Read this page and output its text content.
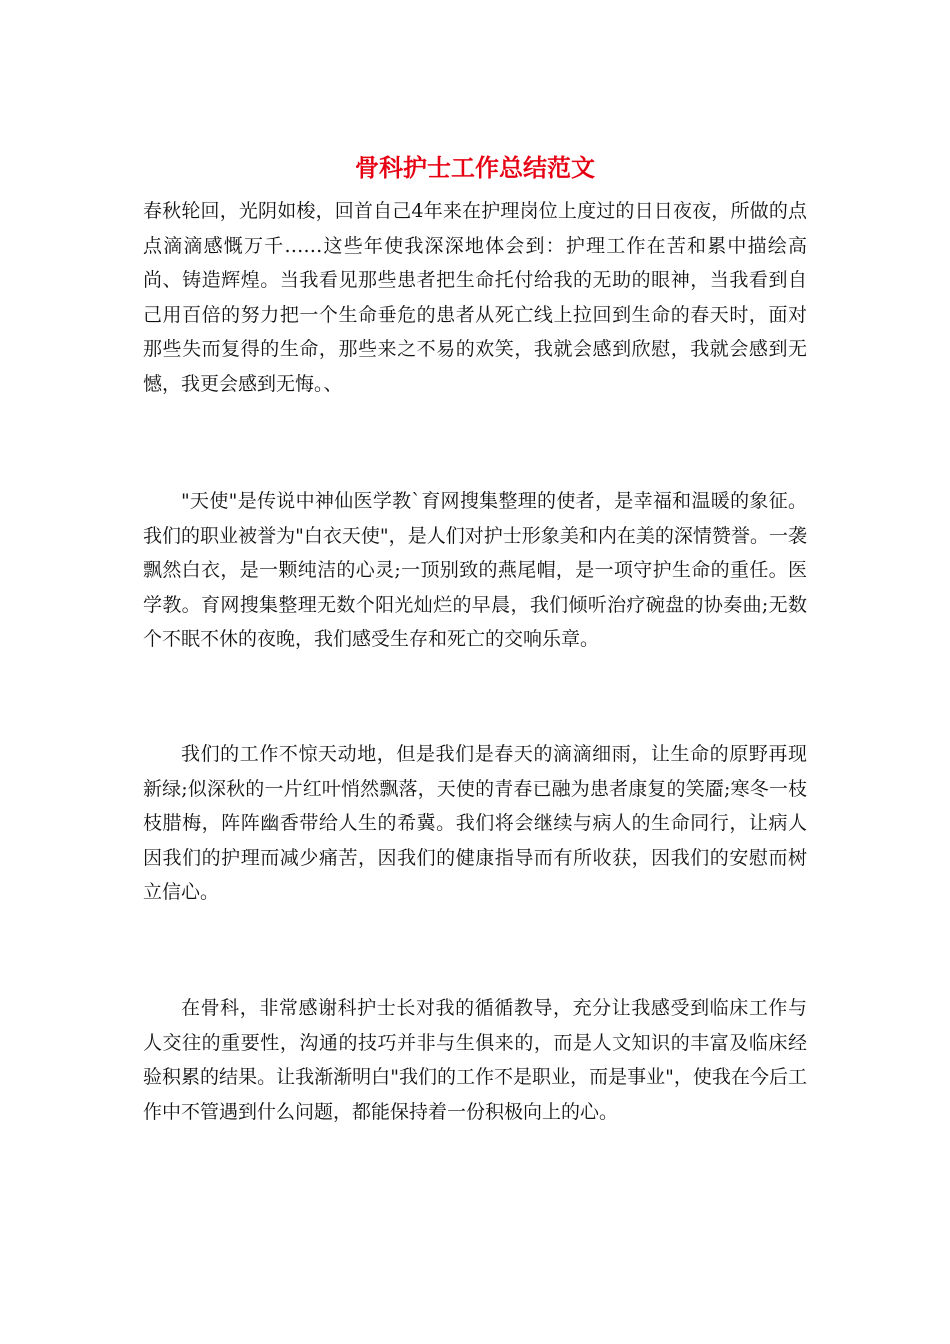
骨科护士工作总结范文

春秋轮回，光阴如梭，回首自己4年来在护理岗位上度过的日日夜夜，所做的点点滴滴感慨万千……这些年使我深深地体会到：护理工作在苦和累中描绘高尚、铸造辉煌。当我看见那些患者把生命托付给我的无助的眼神，当我看到自己用百倍的努力把一个生命垂危的患者从死亡线上拉回到生命的春天时，面对那些失而复得的生命，那些来之不易的欢笑，我就会感到欣慰，我就会感到无憾，我更会感到无悔。、

"天使"是传说中神仙医学教`育网搜集整理的使者，是幸福和温暖的象征。我们的职业被誉为"白衣天使"，是人们对护士形象美和内在美的深情赞誉。一袭飘然白衣，是一颗纯洁的心灵;一顶别致的燕尾帽，是一项守护生命的重任。医学教。育网搜集整理无数个阳光灿烂的早晨，我们倾听治疗碗盘的协奏曲;无数个不眠不休的夜晚，我们感受生存和死亡的交响乐章。

我们的工作不惊天动地，但是我们是春天的滴滴细雨，让生命的原野再现新绿;似深秋的一片红叶悄然飘落，天使的青春已融为患者康复的笑靥;寒冬一枝枝腊梅，阵阵幽香带给人生的希冀。我们将会继续与病人的生命同行，让病人因我们的护理而减少痛苦，因我们的健康指导而有所收获，因我们的安慰而树立信心。

在骨科，非常感谢科护士长对我的循循教导，充分让我感受到临床工作与人交往的重要性，沟通的技巧并非与生俱来的，而是人文知识的丰富及临床经验积累的结果。让我渐渐明白"我们的工作不是职业，而是事业"，使我在今后工作中不管遇到什么问题，都能保持着一份积极向上的心。
